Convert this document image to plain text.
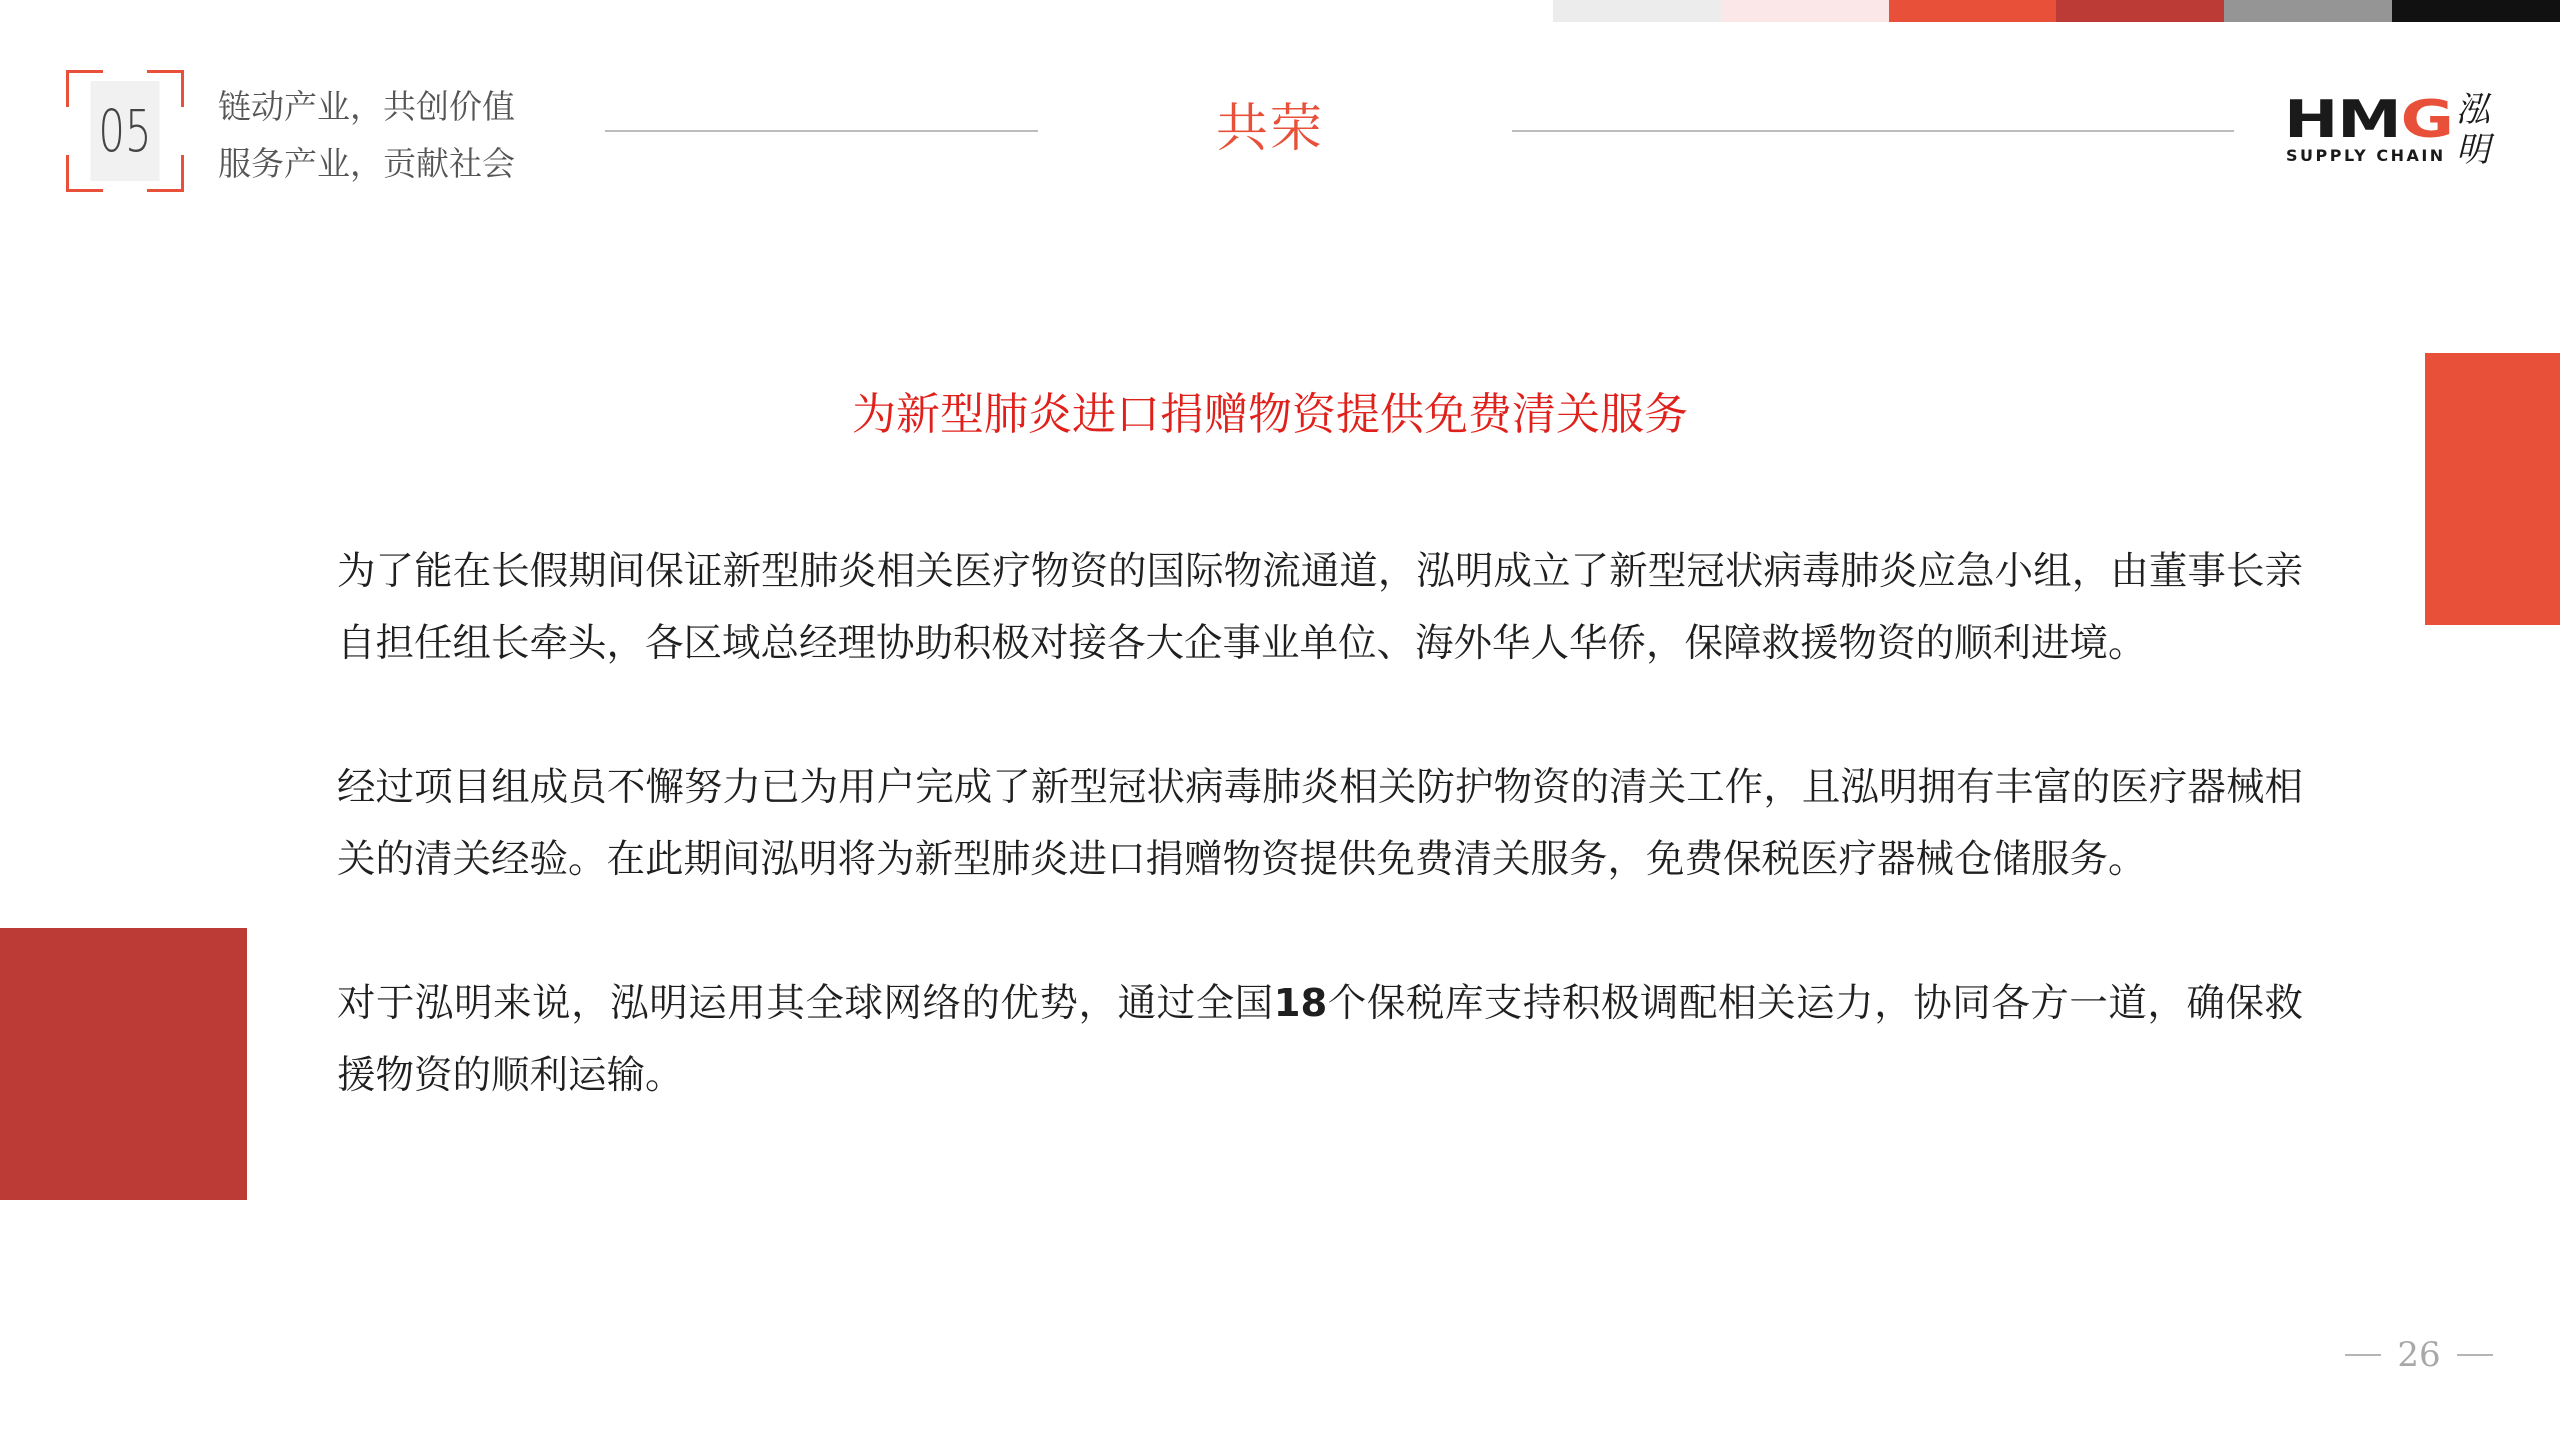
05 链动产业，共创价值
服务产业，贡献社会
共荣	HMG
SUPPLY CHAIN
泓明
为新型肺炎进口捐赠物资提供免费清关服务

为了能在长假期间保证新型肺炎相关医疗物资的国际物流通道，泓明成立了新型冠状病毒肺炎应急小组，由董事长亲自担任组长牵头，各区域总经理协助积极对接各大企事业单位、海外华人华侨，保障救援物资的顺利进境。

经过项目组成员不懈努力已为用户完成了新型冠状病毒肺炎相关防护物资的清关工作，且泓明拥有丰富的医疗器械相关的清关经验。在此期间泓明将为新型肺炎进口捐赠物资提供免费清关服务，免费保税医疗器械仓储服务。

对于泓明来说，泓明运用其全球网络的优势，通过全国18个保税库支持积极调配相关运力，协同各方一道，确保救援物资的顺利运输。

26
